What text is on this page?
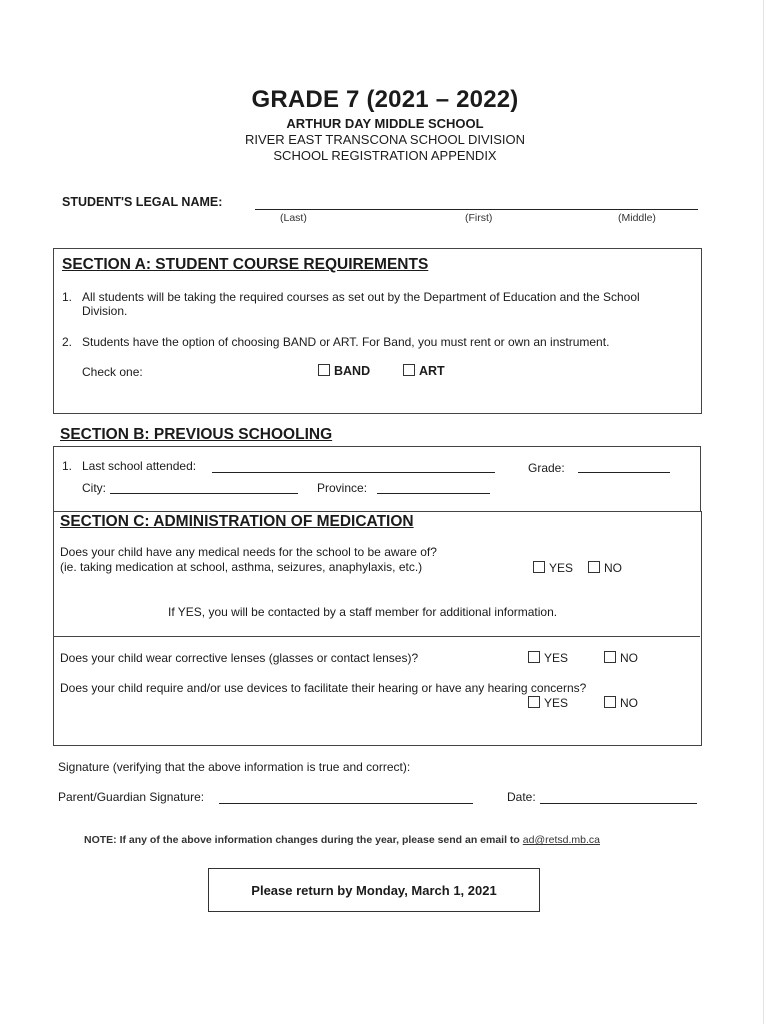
GRADE 7 (2021 – 2022)
ARTHUR DAY MIDDLE SCHOOL
RIVER EAST TRANSCONA SCHOOL DIVISION
SCHOOL REGISTRATION APPENDIX
STUDENT'S LEGAL NAME:
(Last)	(First)	(Middle)
SECTION A: STUDENT COURSE REQUIREMENTS
1. All students will be taking the required courses as set out by the Department of Education and the School
Division.
2. Students have the option of choosing BAND or ART. For Band, you must rent or own an instrument.
Check one:	BAND	ART
SECTION B: PREVIOUS SCHOOLING
1. Last school attended:	Grade:
City:	Province:
SECTION C: ADMINISTRATION OF MEDICATION
Does your child have any medical needs for the school to be aware of?
(ie. taking medication at school, asthma, seizures, anaphylaxis, etc.)	YES	NO
If YES, you will be contacted by a staff member for additional information.
Does your child wear corrective lenses (glasses or contact lenses)?	YES	NO
Does your child require and/or use devices to facilitate their hearing or have any hearing concerns?
YES	NO
Signature (verifying that the above information is true and correct):
Parent/Guardian Signature:	Date:
NOTE: If any of the above information changes during the year, please send an email to ad@retsd.mb.ca
Please return by Monday, March 1, 2021
